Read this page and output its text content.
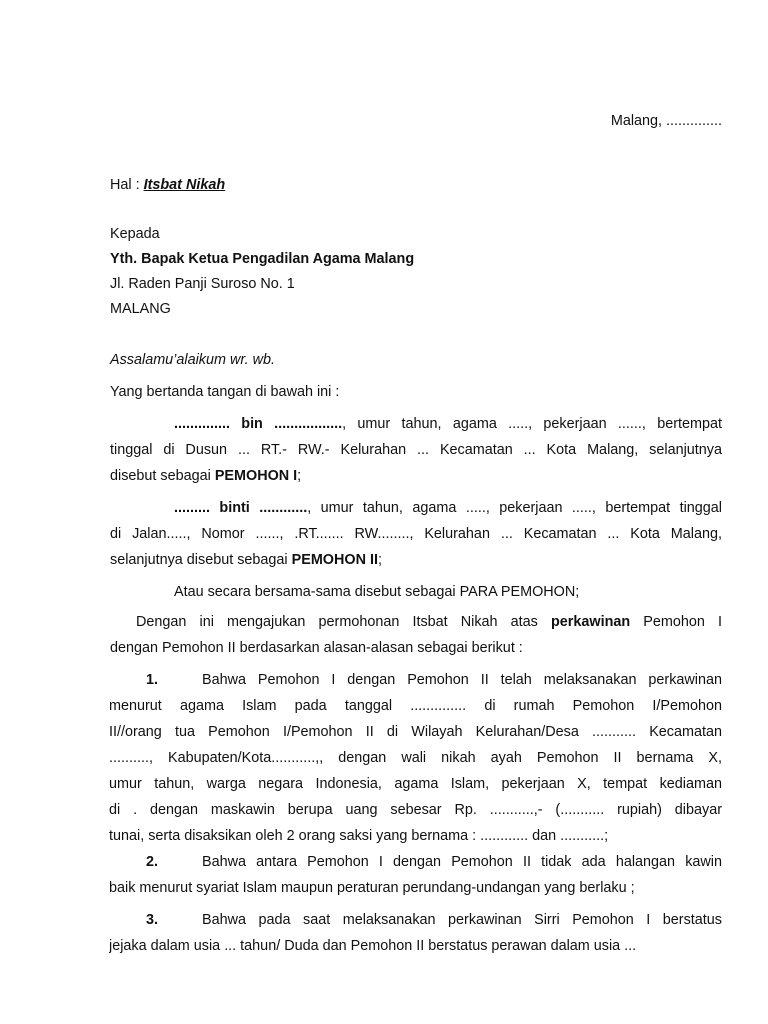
Malang, ..............
Hal : Itsbat Nikah
Kepada
Yth. Bapak Ketua Pengadilan Agama Malang
Jl. Raden Panji Suroso No. 1
MALANG
Assalamu’alaikum wr. wb.
Yang bertanda tangan di bawah ini :
.............. bin ................., umur tahun, agama ....., pekerjaan ......, bertempat
tinggal di Dusun ... RT.- RW.- Kelurahan ... Kecamatan ... Kota Malang, selanjutnya
disebut sebagai PEMOHON I;
......... binti ............, umur tahun, agama ....., pekerjaan ....., bertempat tinggal
di Jalan....., Nomor ......, .RT....... RW........, Kelurahan ... Kecamatan ... Kota Malang,
selanjutnya disebut sebagai PEMOHON II;
Atau secara bersama-sama disebut sebagai PARA PEMOHON;
Dengan ini mengajukan permohonan Itsbat Nikah atas perkawinan Pemohon I
dengan Pemohon II berdasarkan alasan-alasan sebagai berikut :
1.	Bahwa Pemohon I dengan Pemohon II telah melaksanakan perkawinan
menurut agama Islam pada tanggal .............. di rumah Pemohon I/Pemohon
II//orang tua Pemohon I/Pemohon II di Wilayah Kelurahan/Desa ........... Kecamatan
.........., Kabupaten/Kota...........,, dengan wali nikah ayah Pemohon II bernama X,
umur tahun, warga negara Indonesia, agama Islam, pekerjaan X, tempat kediaman
di . dengan maskawin berupa uang sebesar Rp. ...........,- (........... rupiah) dibayar
tunai, serta disaksikan oleh 2 orang saksi yang bernama : ............ dan ...........;
2.	Bahwa antara Pemohon I dengan Pemohon II tidak ada halangan kawin
baik menurut syariat Islam maupun peraturan perundang-undangan yang berlaku ;
3.	Bahwa pada saat melaksanakan perkawinan Sirri Pemohon I berstatus
jejaka dalam usia ... tahun/ Duda dan Pemohon II berstatus perawan dalam usia ...
